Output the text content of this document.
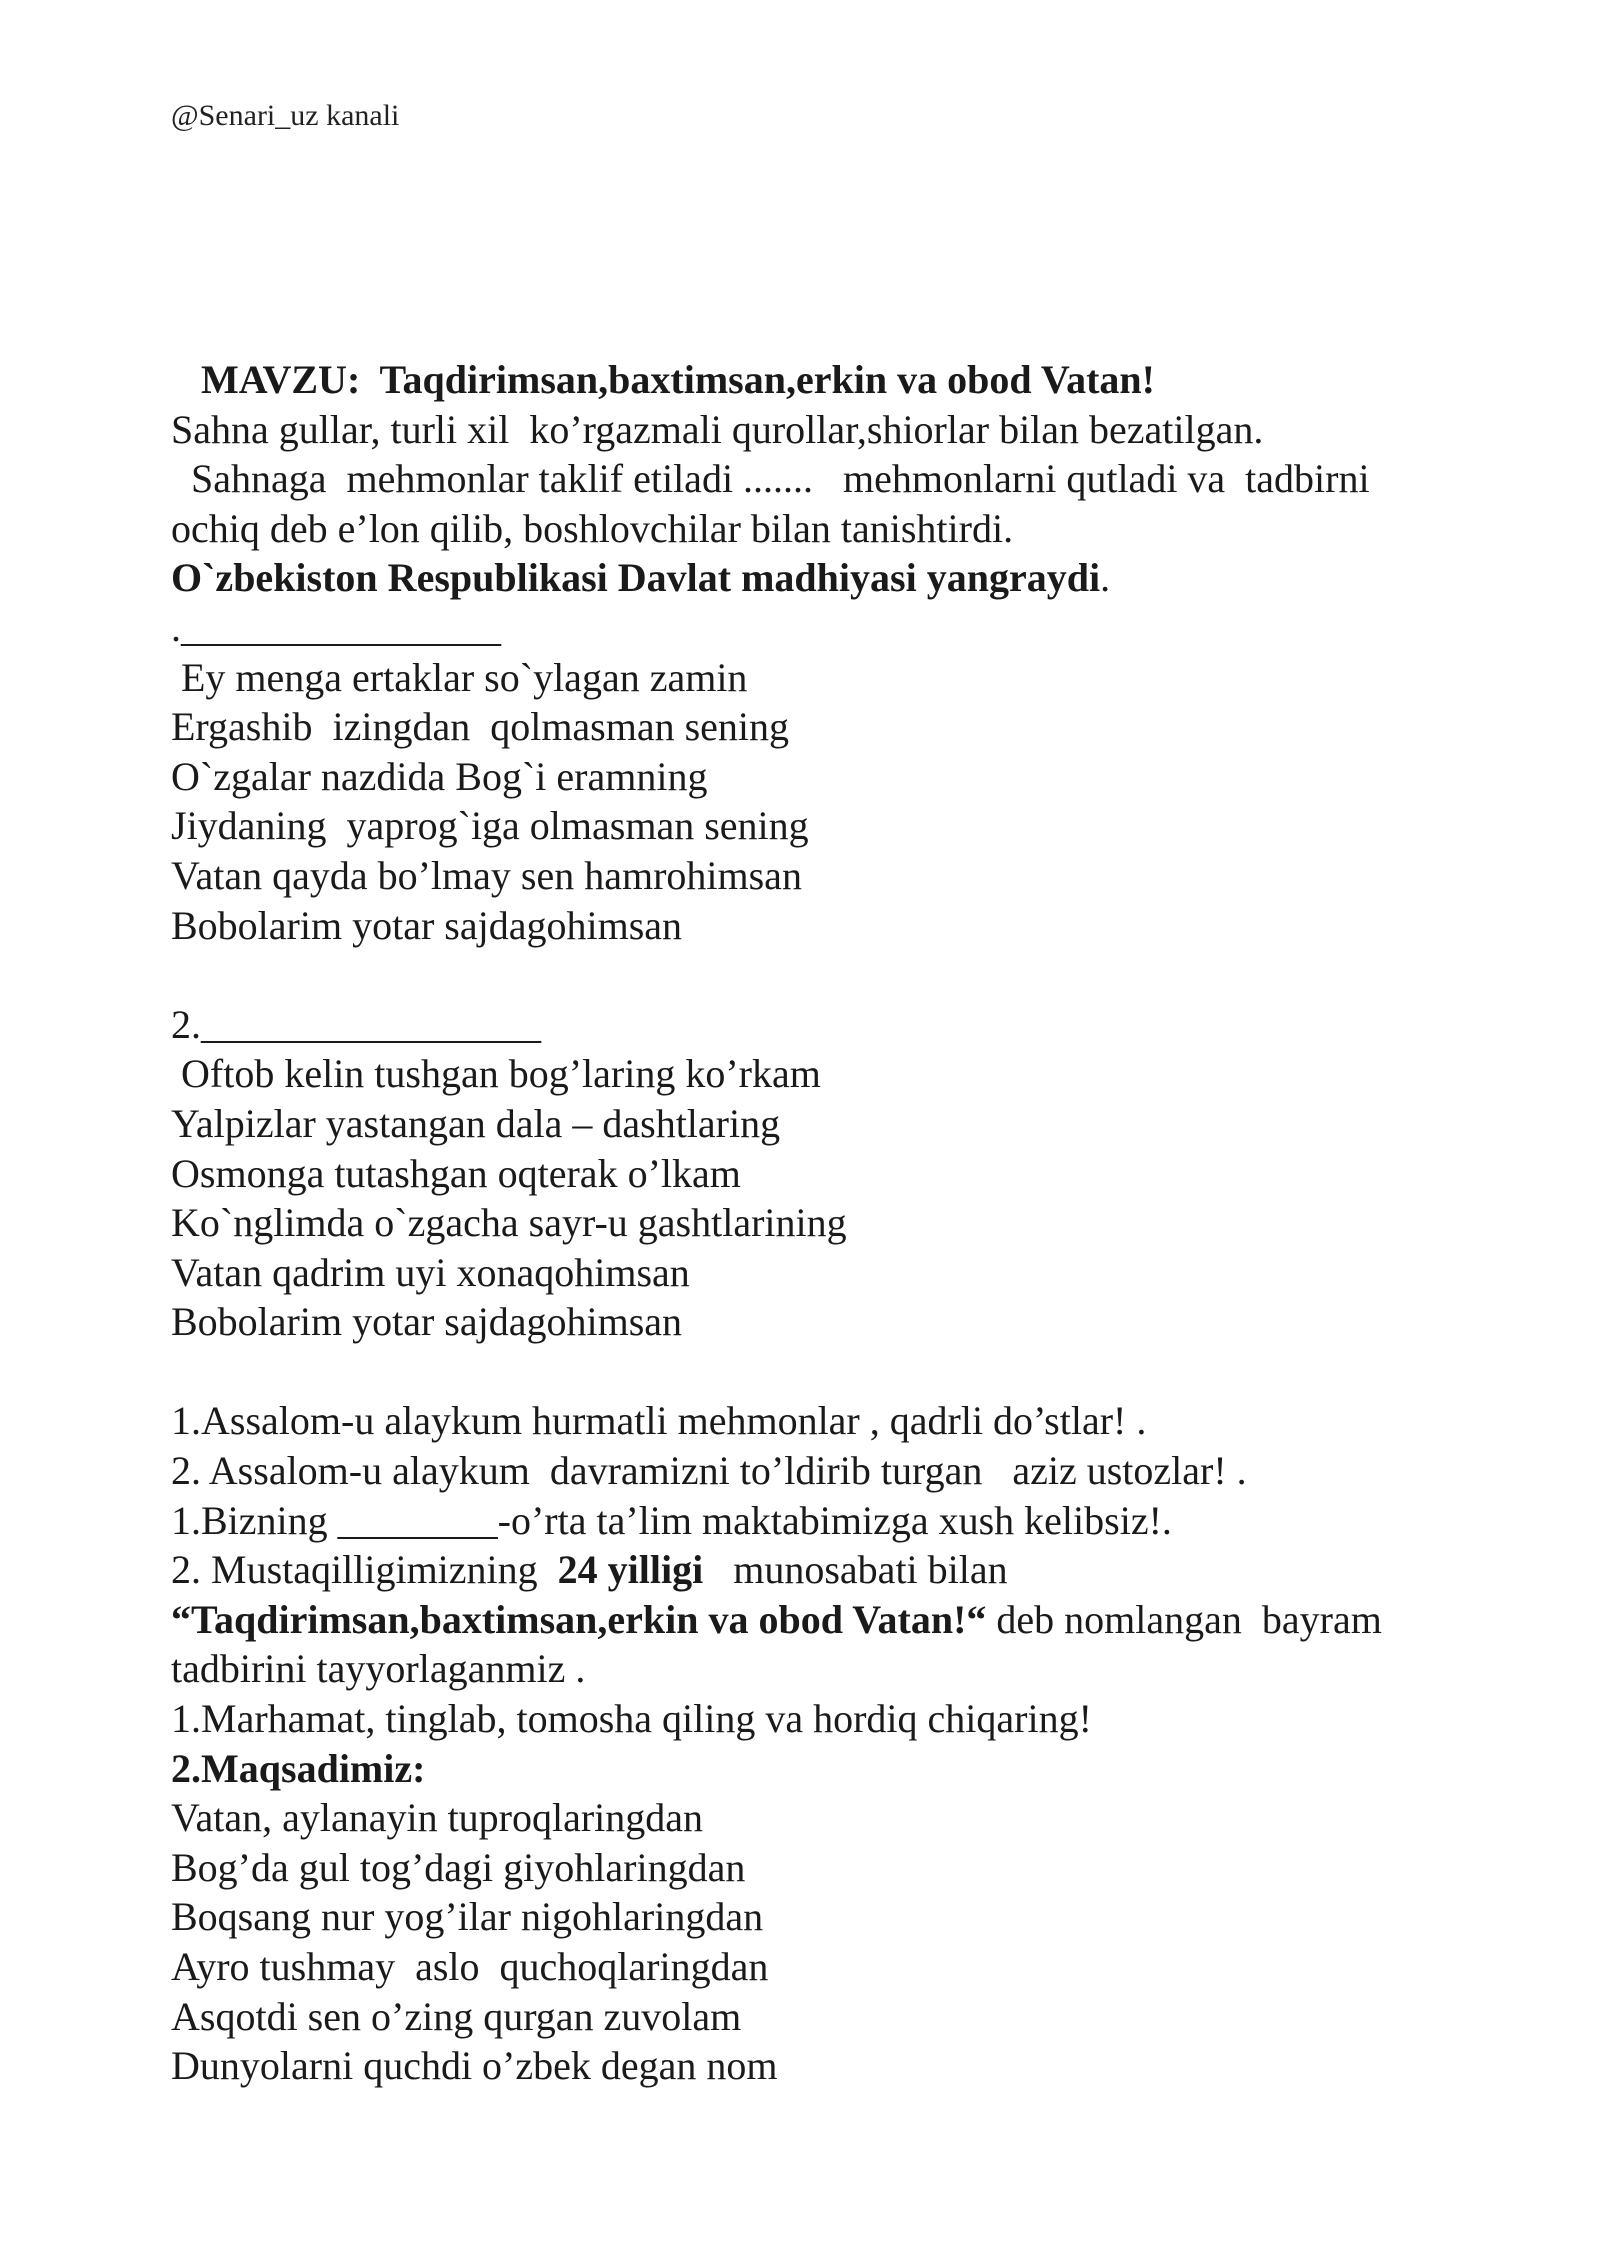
@Senari_uz kanali
MAVZU:  Taqdirimsan,baxtimsan,erkin va obod Vatan!
Sahna gullar, turli xil  ko’rgazmali qurollar,shiorlar bilan bezatilgan.
Sahnaga  mehmonlar taklif etiladi .......   mehmonlarni qutladi va  tadbirni
ochiq deb e’lon qilib, boshlovchilar bilan tanishtirdi.
O`zbekiston Respublikasi Davlat madhiyasi yangraydi.
.________________
Ey menga ertaklar so`ylagan zamin
Ergashib  izingdan  qolmasman sening
O`zgalar nazdida Bog`i eramning
Jiydaning  yaprog`iga olmasman sening
Vatan qayda bo’lmay sen hamrohimsan
Bobolarim yotar sajdagohimsan
2._________________
Oftob kelin tushgan bog’laring ko’rkam
Yalpizlar yastangan dala – dashtlaring
Osmonga tutashgan oqterak o’lkam
Ko`nglimda o`zgacha sayr-u gashtlarining
Vatan qadrim uyi xonaqohimsan
Bobolarim yotar sajdagohimsan
1.Assalom-u alaykum hurmatli mehmonlar , qadrli do’stlar! .
2. Assalom-u alaykum  davramizni to’ldirib turgan   aziz ustozlar! .
1.Bizning ________-o’rta ta’lim maktabimizga xush kelibsiz!.
2. Mustaqilligimizning  24 yilligi   munosabati bilan
“Taqdirimsan,baxtimsan,erkin va obod Vatan!“ deb nomlangan  bayram
tadbirini tayyorlaganmiz .
1.Marhamat, tinglab, tomosha qiling va hordiq chiqaring!
2.Maqsadimiz:
Vatan, aylanayin tuproqlaringdan
Bog’da gul tog’dagi giyohlaringdan
Boqsang nur yog’ilar nigohlaringdan
Ayro tushmay  aslo  quchoqlaringdan
Asqotdi sen o’zing qurgan zuvolam
Dunyolarni quchdi o’zbek degan nom
